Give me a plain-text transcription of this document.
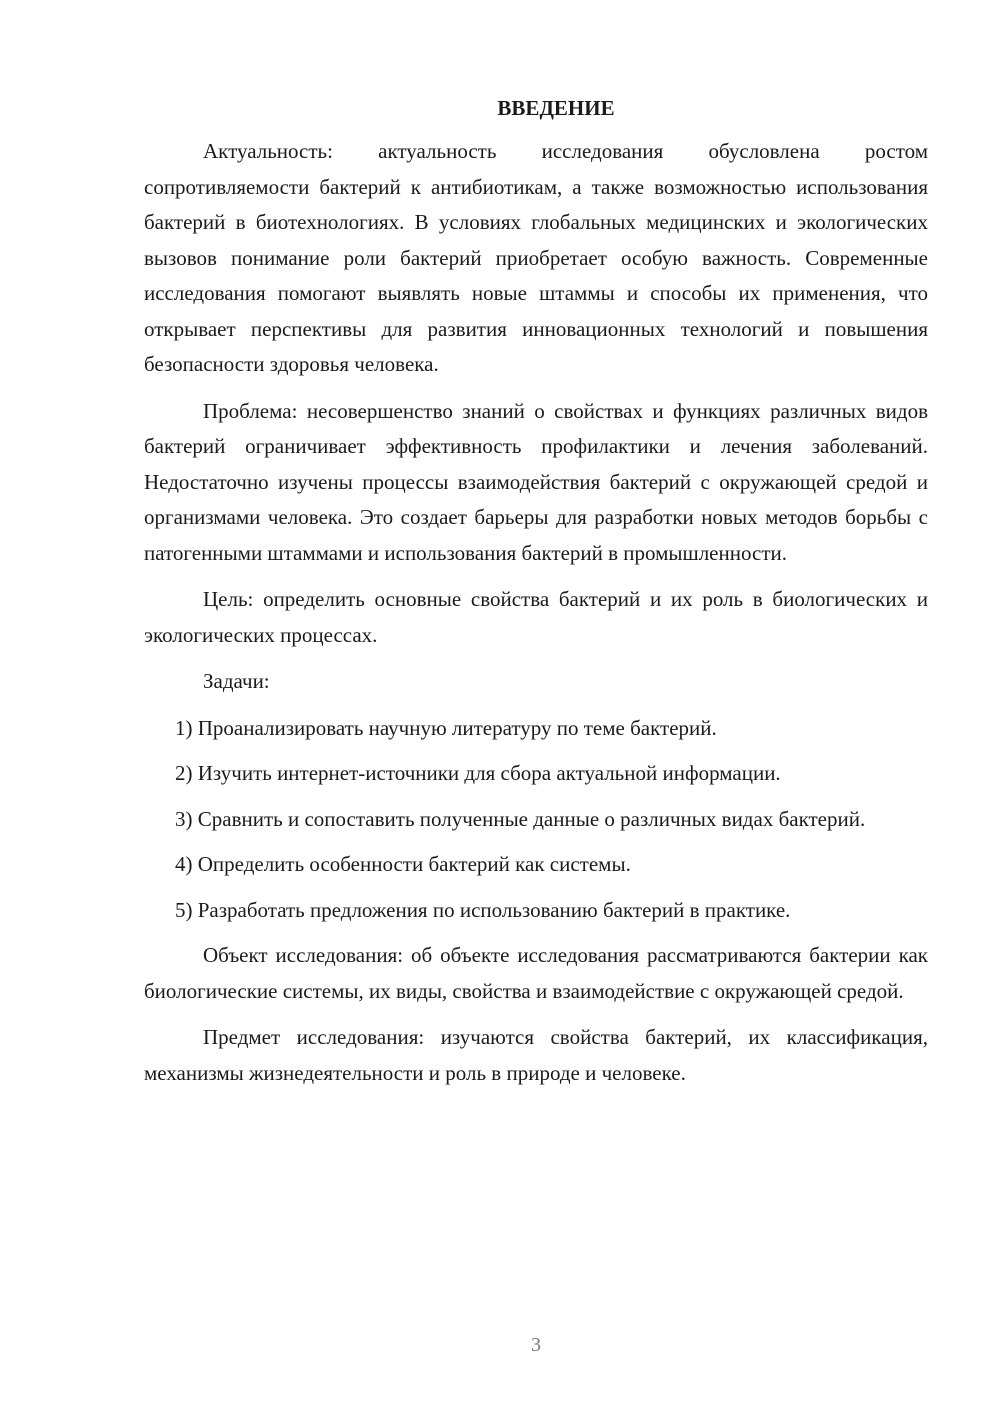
ВВЕДЕНИЕ

Актуальность: актуальность исследования обусловлена ростом сопротивляемости бактерий к антибиотикам, а также возможностью использования бактерий в биотехнологиях. В условиях глобальных медицинских и экологических вызовов понимание роли бактерий приобретает особую важность. Современные исследования помогают выявлять новые штаммы и способы их применения, что открывает перспективы для развития инновационных технологий и повышения безопасности здоровья человека.

Проблема: несовершенство знаний о свойствах и функциях различных видов бактерий ограничивает эффективность профилактики и лечения заболеваний. Недостаточно изучены процессы взаимодействия бактерий с окружающей средой и организмами человека. Это создает барьеры для разработки новых методов борьбы с патогенными штаммами и использования бактерий в промышленности.

Цель: определить основные свойства бактерий и их роль в биологических и экологических процессах.

Задачи:

1) Проанализировать научную литературу по теме бактерий.

2) Изучить интернет-источники для сбора актуальной информации.

3) Сравнить и сопоставить полученные данные о различных видах бактерий.

4) Определить особенности бактерий как системы.

5) Разработать предложения по использованию бактерий в практике.

Объект исследования: об объекте исследования рассматриваются бактерии как биологические системы, их виды, свойства и взаимодействие с окружающей средой.

Предмет исследования: изучаются свойства бактерий, их классификация, механизмы жизнедеятельности и роль в природе и человеке.

3
